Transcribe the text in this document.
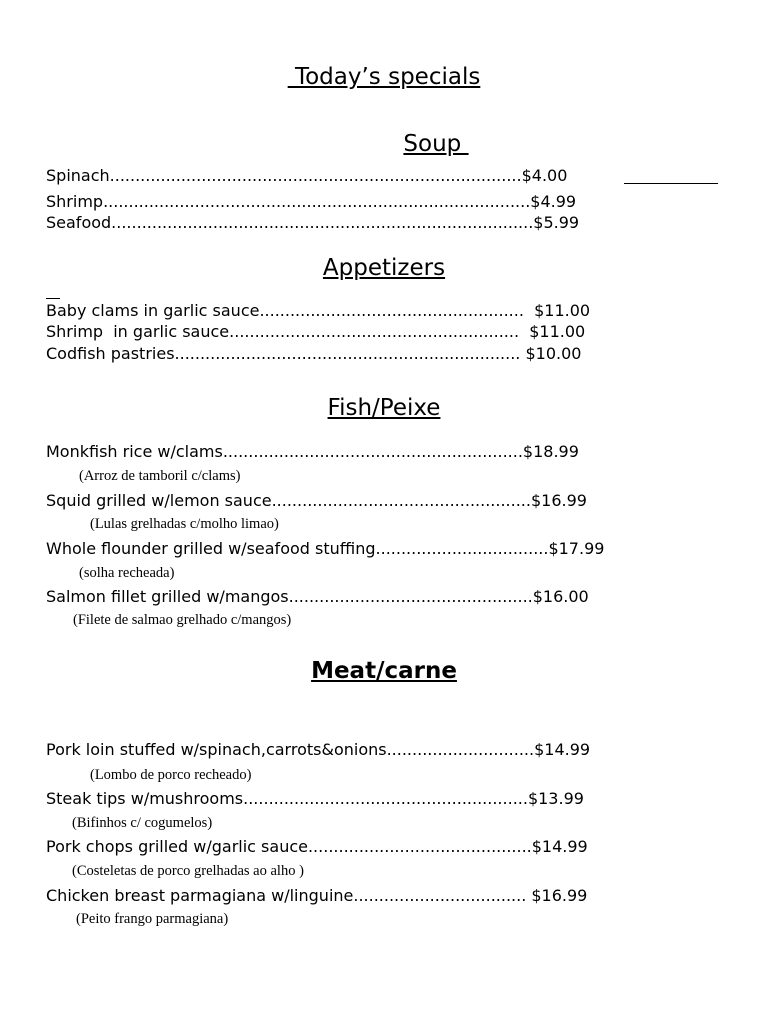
Today’s specials
Soup
Spinach.................................................................................$4.00
Shrimp....................................................................................$4.99
Seafood...................................................................................$5.99
Appetizers
Baby clams in garlic sauce....................................................  $11.00
Shrimp  in garlic sauce.........................................................  $11.00
Codfish pastries.................................................................... $10.00
Fish/Peixe
Monkfish rice w/clams...........................................................$18.99
(Arroz de tamboril c/clams)
Squid grilled w/lemon sauce...................................................$16.99
(Lulas grelhadas c/molho limao)
Whole flounder grilled w/seafood stuffing..................................$17.99
(solha recheada)
Salmon fillet grilled w/mangos................................................$16.00
(Filete de salmao grelhado c/mangos)
Meat/carne
Pork loin stuffed w/spinach,carrots&onions.............................$14.99
(Lombo de porco recheado)
Steak tips w/mushrooms........................................................$13.99
(Bifinhos c/ cogumelos)
Pork chops grilled w/garlic sauce............................................$14.99
(Costeletas de porco grelhadas ao alho )
Chicken breast parmagiana w/linguine.................................. $16.99
(Peito frango parmagiana)
